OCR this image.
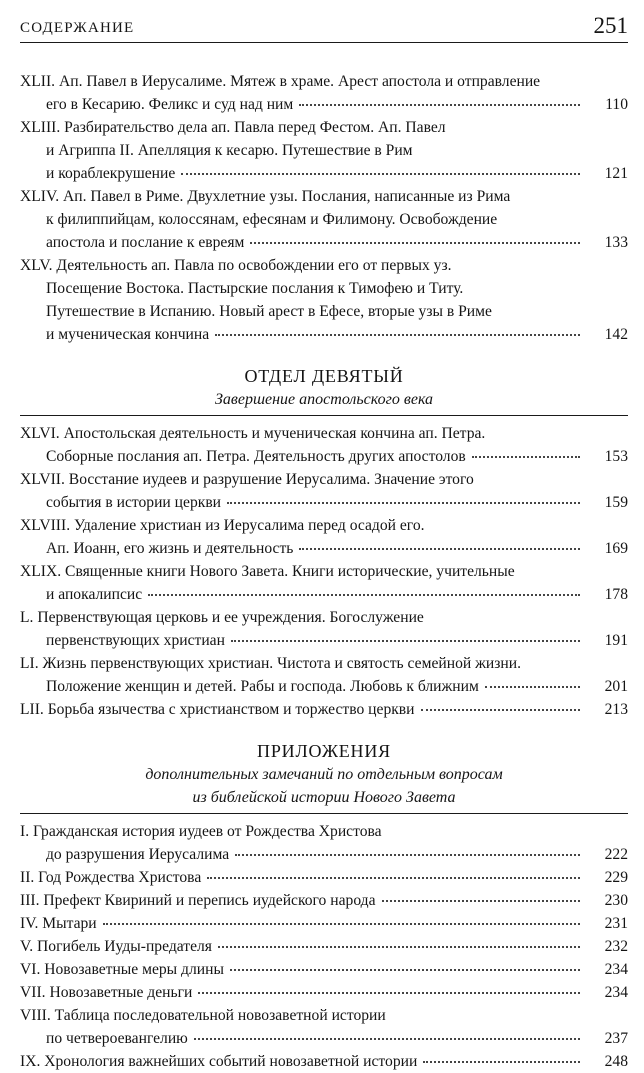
СОДЕРЖАНИЕ	251
XLII. Ап. Павел в Иерусалиме. Мятеж в храме. Арест апостола и отправление
его в Кесарию. Феликс и суд над ним	110
XLIII. Разбирательство дела ап. Павла перед Фестом. Ап. Павел
и Агриппа II. Апелляция к кесарю. Путешествие в Рим
и кораблекрушение	121
XLIV. Ап. Павел в Риме. Двухлетние узы. Послания, написанные из Рима
к филиппийцам, колоссянам, ефесянам и Филимону. Освобождение
апостола и послание к евреям	133
XLV. Деятельность ап. Павла по освобождении его от первых уз.
Посещение Востока. Пастырские послания к Тимофею и Титу.
Путешествие в Испанию. Новый арест в Ефесе, вторые узы в Риме
и мученическая кончина	142
ОТДЕЛ ДЕВЯТЫЙ
Завершение апостольского века
XLVI. Апостольская деятельность и мученическая кончина ап. Петра.
Соборные послания ап. Петра. Деятельность других апостолов	153
XLVII. Восстание иудеев и разрушение Иерусалима. Значение этого
события в истории церкви	159
XLVIII. Удаление христиан из Иерусалима перед осадой его.
Ап. Иоанн, его жизнь и деятельность	169
XLIX. Священные книги Нового Завета. Книги исторические, учительные
и апокалипсис	178
L. Первенствующая церковь и ее учреждения. Богослужение
первенствующих христиан	191
LI. Жизнь первенствующих христиан. Чистота и святость семейной жизни.
Положение женщин и детей. Рабы и господа. Любовь к ближним	201
LII. Борьба язычества с христианством и торжество церкви	213
ПРИЛОЖЕНИЯ
дополнительных замечаний по отдельным вопросам
из библейской истории Нового Завета
I. Гражданская история иудеев от Рождества Христова
до разрушения Иерусалима	222
II. Год Рождества Христова	229
III. Префект Квириний и перепись иудейского народа	230
IV. Мытари	231
V. Погибель Иуды-предателя	232
VI. Новозаветные меры длины	234
VII. Новозаветные деньги	234
VIII. Таблица последовательной новозаветной истории
по четвероевангелию	237
IX. Хронология важнейших событий новозаветной истории	248
